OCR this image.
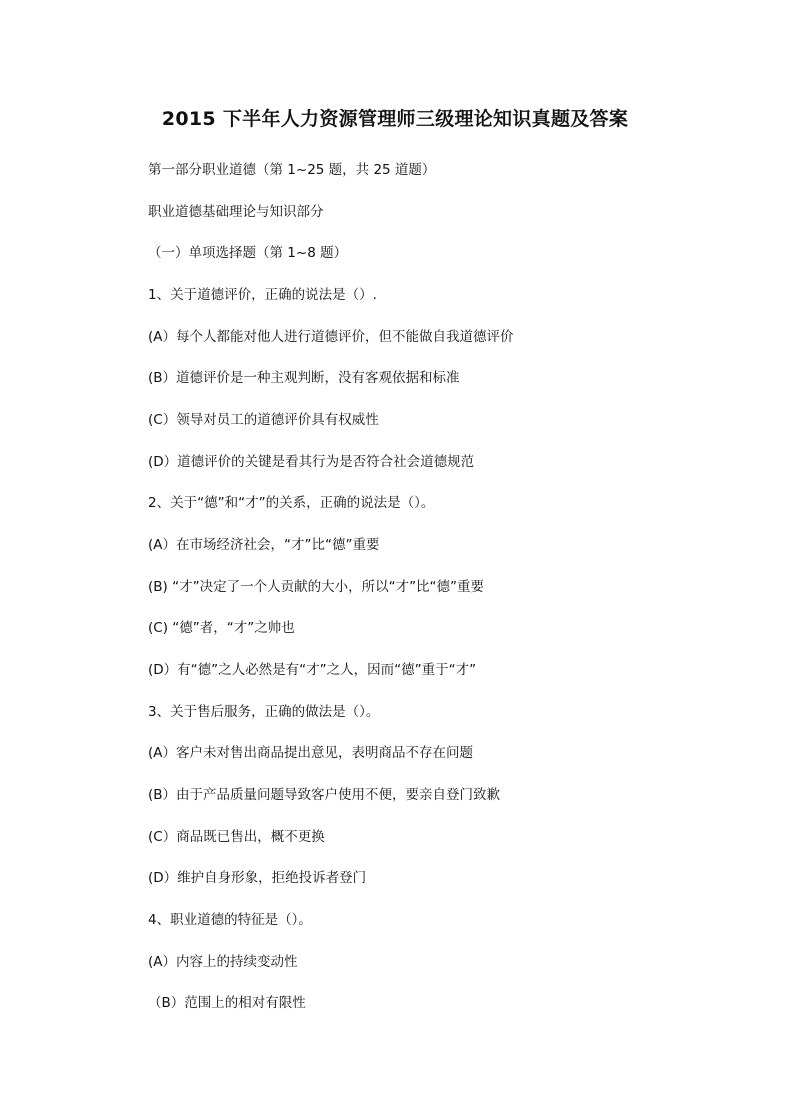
2015 下半年人力资源管理师三级理论知识真题及答案
第一部分职业道德（第 1~25 题，共 25 道题）
职业道德基础理论与知识部分
（一）单项选择题（第 1~8 题）
1、关于道德评价，正确的说法是（）.
(A）每个人都能对他人进行道德评价，但不能做自我道德评价
(B）道德评价是一种主观判断，没有客观依据和标准
(C）领导对员工的道德评价具有权威性
(D）道德评价的关键是看其行为是否符合社会道德规范
2、关于“德”和“才”的关系，正确的说法是（）。
(A）在市场经济社会，“才”比“德”重要
(B) “才”决定了一个人贡献的大小，所以“才”比“德”重要
(C) “德”者，“才”之帅也
(D）有“德”之人必然是有“才”之人，因而“德”重于“才”
3、关于售后服务，正确的做法是（）。
(A）客户未对售出商品提出意见，表明商品不存在问题
(B）由于产品质量问题导致客户使用不便，要亲自登门致歉
(C）商品既已售出，概不更换
(D）维护自身形象，拒绝投诉者登门
4、职业道德的特征是（）。
(A）内容上的持续变动性
（B）范围上的相对有限性
